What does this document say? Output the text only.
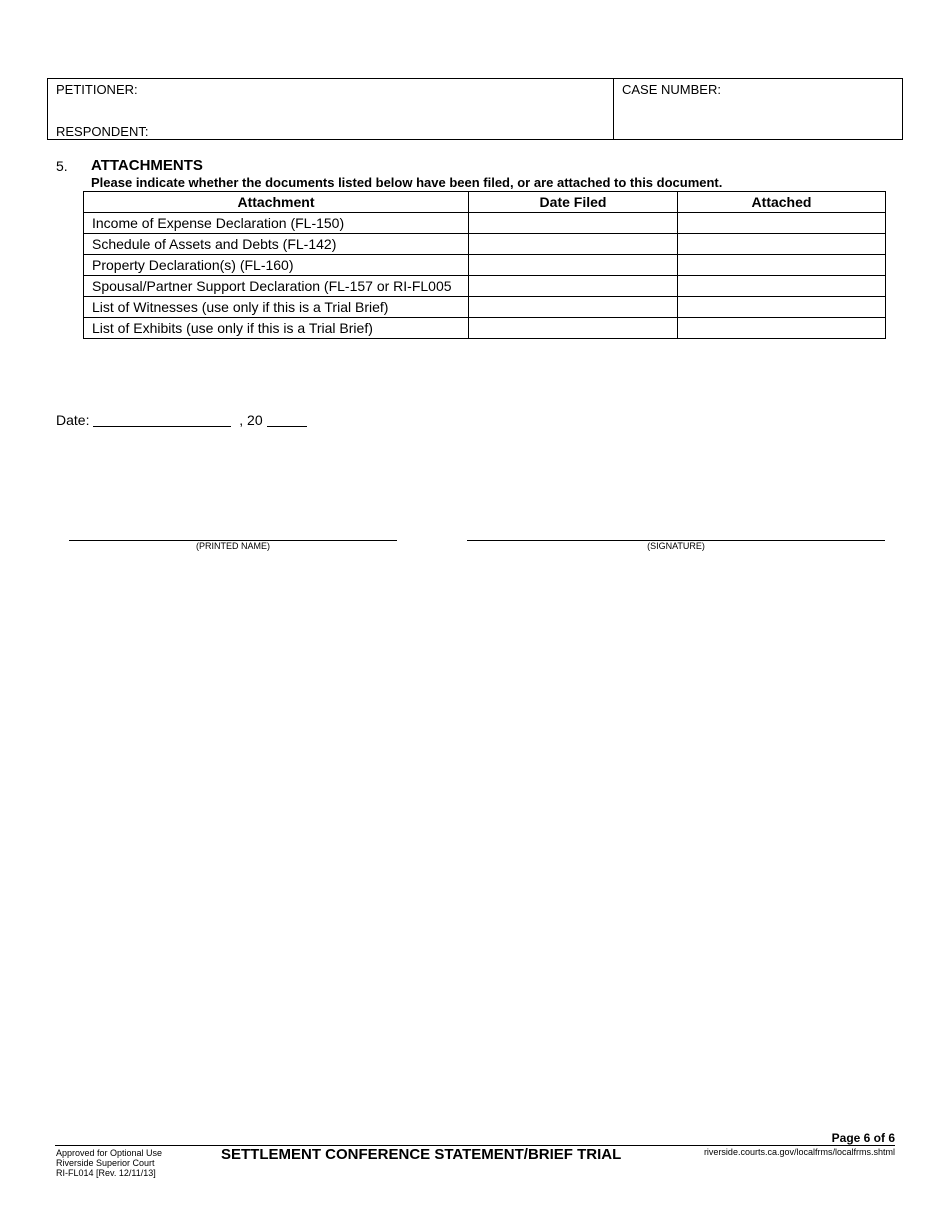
PETITIONER:
RESPONDENT:
CASE NUMBER:
5. ATTACHMENTS
Please indicate whether the documents listed below have been filed, or are attached to this document.
Attachment	Date Filed	Attached
Income of Expense Declaration (FL-150)		
Schedule of Assets and Debts (FL-142)		
Property Declaration(s) (FL-160)		
Spousal/Partner Support Declaration (FL-157 or RI-FL005		
List of Witnesses (use only if this is a Trial Brief)		
List of Exhibits (use only if this is a Trial Brief)		
Date:	, 20
(PRINTED NAME)	(SIGNATURE)
Page 6 of 6
Approved for Optional Use
Riverside Superior Court
RI-FL014 [Rev. 12/11/13]
SETTLEMENT CONFERENCE STATEMENT/BRIEF TRIAL	riverside.courts.ca.gov/localfrms/localfrms.shtml
